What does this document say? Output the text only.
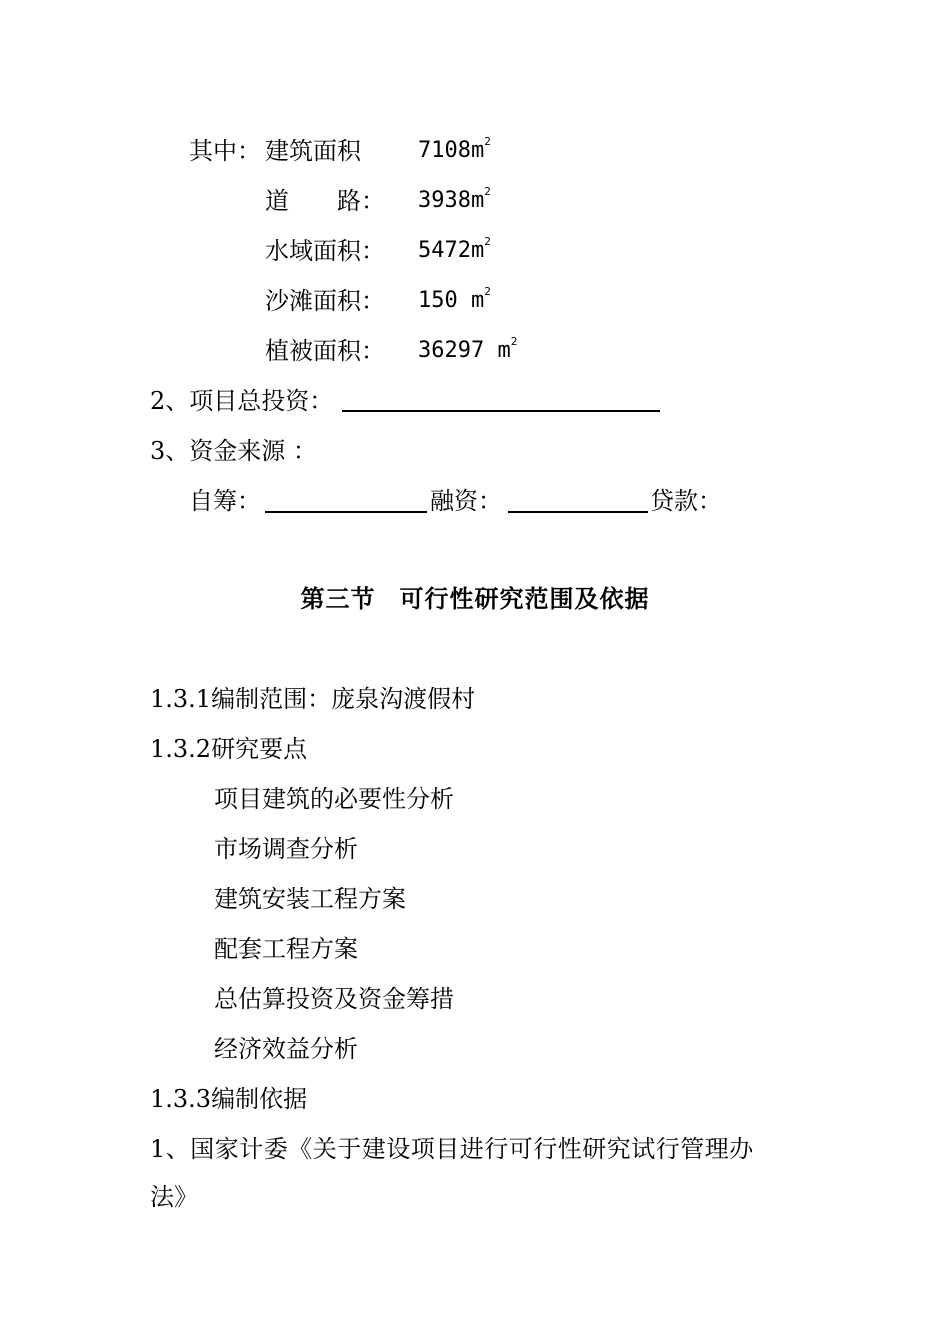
其中： 建筑面积	$7108m^2$
道　　路： $3938m^2$
水域面积： $5472m^2$
沙滩面积： 150 $m^2$
植被面积： 36297 $m^2$
2、项目总投资：
3、资金来源 ：
自筹：	融资：	贷款：
第三节 可行性研究范围及依据
1.3.1编制范围：庞泉沟渡假村
1.3.2研究要点
项目建筑的必要性分析
市场调查分析
建筑安装工程方案
配套工程方案
总估算投资及资金筹措
经济效益分析
1.3.3编制依据
1、国家计委《关于建设项目进行可行性研究试行管理办
法》
